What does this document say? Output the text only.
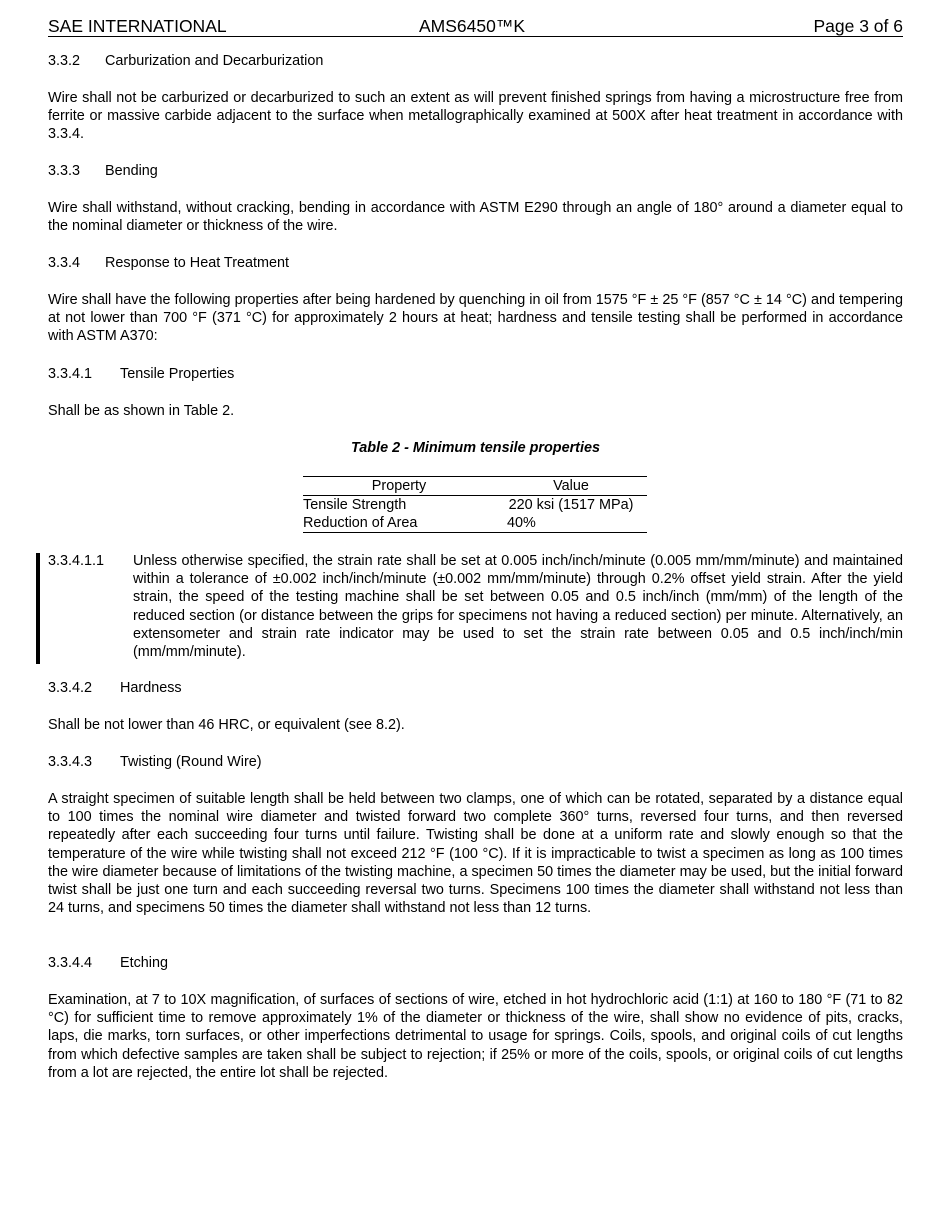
SAE INTERNATIONAL	AMS6450™K	Page 3 of 6
3.3.2 Carburization and Decarburization
Wire shall not be carburized or decarburized to such an extent as will prevent finished springs from having a microstructure free from ferrite or massive carbide adjacent to the surface when metallographically examined at 500X after heat treatment in accordance with 3.3.4.
3.3.3 Bending
Wire shall withstand, without cracking, bending in accordance with ASTM E290 through an angle of 180° around a diameter equal to the nominal diameter or thickness of the wire.
3.3.4 Response to Heat Treatment
Wire shall have the following properties after being hardened by quenching in oil from 1575 °F ± 25 °F (857 °C ± 14 °C) and tempering at not lower than 700 °F (371 °C) for approximately 2 hours at heat; hardness and tensile testing shall be performed in accordance with ASTM A370:
3.3.4.1 Tensile Properties
Shall be as shown in Table 2.
Table 2 - Minimum tensile properties
Property	Value
Tensile Strength	220 ksi (1517 MPa)
Reduction of Area	40%
3.3.4.1.1 Unless otherwise specified, the strain rate shall be set at 0.005 inch/inch/minute (0.005 mm/mm/minute) and maintained within a tolerance of ±0.002 inch/inch/minute (±0.002 mm/mm/minute) through 0.2% offset yield strain. After the yield strain, the speed of the testing machine shall be set between 0.05 and 0.5 inch/inch (mm/mm) of the length of the reduced section (or distance between the grips for specimens not having a reduced section) per minute. Alternatively, an extensometer and strain rate indicator may be used to set the strain rate between 0.05 and 0.5 inch/inch/min (mm/mm/minute).
3.3.4.2 Hardness
Shall be not lower than 46 HRC, or equivalent (see 8.2).
3.3.4.3 Twisting (Round Wire)
A straight specimen of suitable length shall be held between two clamps, one of which can be rotated, separated by a distance equal to 100 times the nominal wire diameter and twisted forward two complete 360° turns, reversed four turns, and then reversed repeatedly after each succeeding four turns until failure. Twisting shall be done at a uniform rate and slowly enough so that the temperature of the wire while twisting shall not exceed 212 °F (100 °C). If it is impracticable to twist a specimen as long as 100 times the wire diameter because of limitations of the twisting machine, a specimen 50 times the diameter may be used, but the initial forward twist shall be just one turn and each succeeding reversal two turns. Specimens 100 times the diameter shall withstand not less than 24 turns, and specimens 50 times the diameter shall withstand not less than 12 turns.
3.3.4.4 Etching
Examination, at 7 to 10X magnification, of surfaces of sections of wire, etched in hot hydrochloric acid (1:1) at 160 to 180 °F (71 to 82 °C) for sufficient time to remove approximately 1% of the diameter or thickness of the wire, shall show no evidence of pits, cracks, laps, die marks, torn surfaces, or other imperfections detrimental to usage for springs. Coils, spools, and original coils of cut lengths from which defective samples are taken shall be subject to rejection; if 25% or more of the coils, spools, or original coils of cut lengths from a lot are rejected, the entire lot shall be rejected.
